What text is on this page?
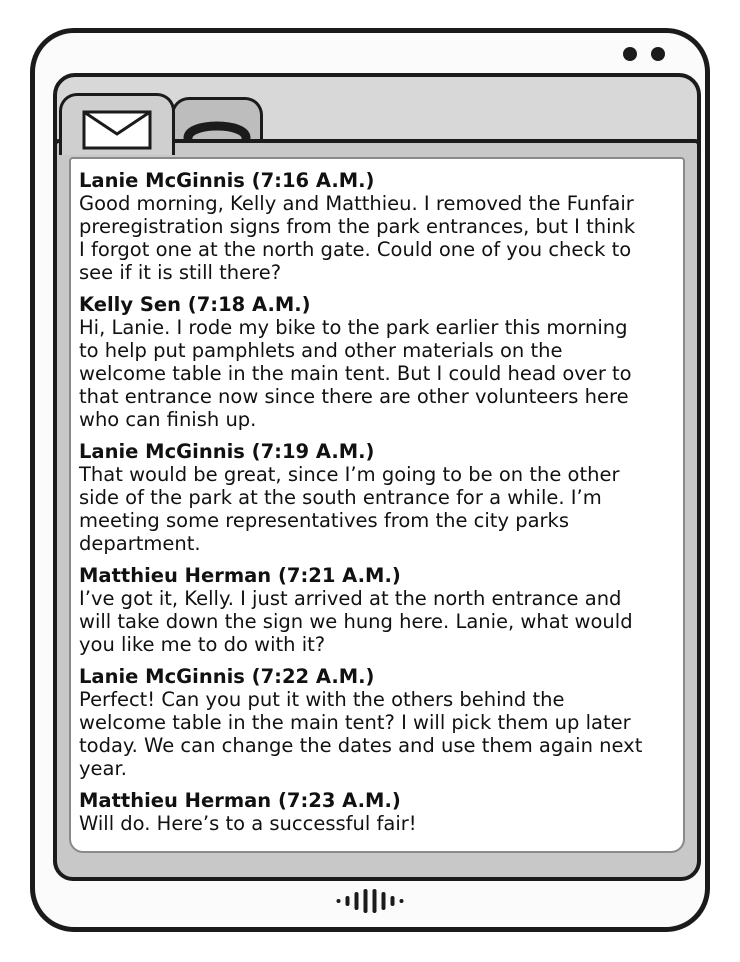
Lanie McGinnis (7:16 A.M.)

Good morning, Kelly and Matthieu. I removed the Funfair
preregistration signs from the park entrances, but I think
I forgot one at the north gate. Could one of you check to
see if it is still there?

Kelly Sen (7:18 A.M.)

Hi, Lanie. I rode my bike to the park earlier this morning
to help put pamphlets and other materials on the
welcome table in the main tent. But I could head over to
that entrance now since there are other volunteers here
who can finish up.

Lanie McGinnis (7:19 A.M.)

That would be great, since I’m going to be on the other
side of the park at the south entrance for a while. I’m
meeting some representatives from the city parks
department.

Matthieu Herman (7:21 A.M.)

I’ve got it, Kelly. I just arrived at the north entrance and
will take down the sign we hung here. Lanie, what would
you like me to do with it?

Lanie McGinnis (7:22 A.M.)

Perfect! Can you put it with the others behind the
welcome table in the main tent? I will pick them up later
today. We can change the dates and use them again next
year.

Matthieu Herman (7:23 A.M.)

Will do. Here’s to a successful fair!
